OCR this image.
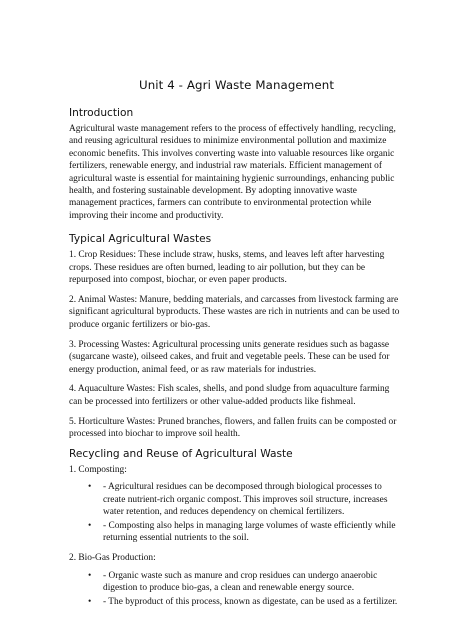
Unit 4 - Agri Waste Management
Introduction

Agricultural waste management refers to the process of effectively handling, recycling, and reusing agricultural residues to minimize environmental pollution and maximize economic benefits. This involves converting waste into valuable resources like organic fertilizers, renewable energy, and industrial raw materials. Efficient management of agricultural waste is essential for maintaining hygienic surroundings, enhancing public health, and fostering sustainable development. By adopting innovative waste management practices, farmers can contribute to environmental protection while improving their income and productivity.

Typical Agricultural Wastes

1. Crop Residues: These include straw, husks, stems, and leaves left after harvesting crops. These residues are often burned, leading to air pollution, but they can be repurposed into compost, biochar, or even paper products.

2. Animal Wastes: Manure, bedding materials, and carcasses from livestock farming are significant agricultural byproducts. These wastes are rich in nutrients and can be used to produce organic fertilizers or bio-gas.

3. Processing Wastes: Agricultural processing units generate residues such as bagasse (sugarcane waste), oilseed cakes, and fruit and vegetable peels. These can be used for energy production, animal feed, or as raw materials for industries.

4. Aquaculture Wastes: Fish scales, shells, and pond sludge from aquaculture farming can be processed into fertilizers or other value-added products like fishmeal.

5. Horticulture Wastes: Pruned branches, flowers, and fallen fruits can be composted or processed into biochar to improve soil health.

Recycling and Reuse of Agricultural Waste

1. Composting:

• - Agricultural residues can be decomposed through biological processes to create nutrient-rich organic compost. This improves soil structure, increases water retention, and reduces dependency on chemical fertilizers.
• - Composting also helps in managing large volumes of waste efficiently while returning essential nutrients to the soil.

2. Bio-Gas Production:

• - Organic waste such as manure and crop residues can undergo anaerobic digestion to produce bio-gas, a clean and renewable energy source.
• - The byproduct of this process, known as digestate, can be used as a fertilizer.
